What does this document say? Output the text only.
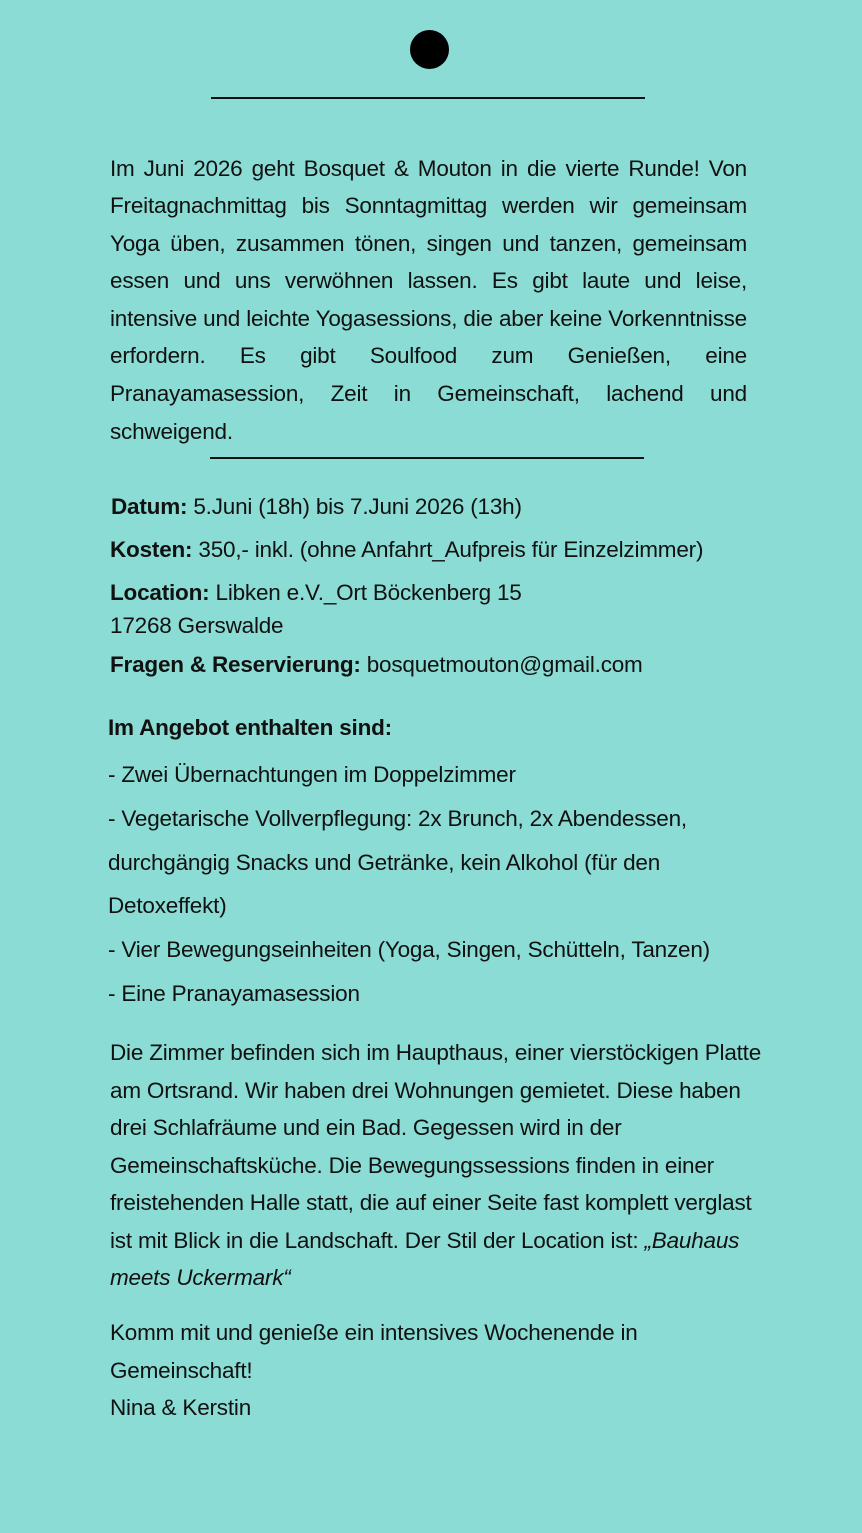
Im Juni 2026 geht Bosquet & Mouton in die vierte Runde! Von Freitagnachmittag bis Sonntagmittag werden wir gemeinsam Yoga üben, zusammen tönen, singen und tanzen, gemeinsam essen und uns verwöhnen lassen. Es gibt laute und leise, intensive und leichte Yogasessions, die aber keine Vorkenntnisse erfordern. Es gibt Soulfood zum Genießen, eine Pranayamasession, Zeit in Gemeinschaft, lachend und schweigend.

Datum: 5.Juni (18h) bis 7.Juni 2026 (13h)

Kosten: 350,- inkl. (ohne Anfahrt_Aufpreis für Einzelzimmer)

Location: Libken e.V._Ort Böckenberg 15

17268 Gerswalde

Fragen & Reservierung: bosquetmouton@gmail.com

Im Angebot enthalten sind:

- Zwei Übernachtungen im Doppelzimmer

- Vegetarische Vollverpflegung: 2x Brunch, 2x Abendessen, durchgängig Snacks und Getränke, kein Alkohol (für den Detoxeffekt)

- Vier Bewegungseinheiten (Yoga, Singen, Schütteln, Tanzen)

- Eine Pranayamasession

Die Zimmer befinden sich im Haupthaus, einer vierstöckigen Platte am Ortsrand. Wir haben drei Wohnungen gemietet. Diese haben drei Schlafräume und ein Bad. Gegessen wird in der Gemeinschaftsküche. Die Bewegungssessions finden in einer freistehenden Halle statt, die auf einer Seite fast komplett verglast ist mit Blick in die Landschaft. Der Stil der Location ist: „Bauhaus meets Uckermark“

Komm mit und genieße ein intensives Wochenende in Gemeinschaft!

Nina & Kerstin
